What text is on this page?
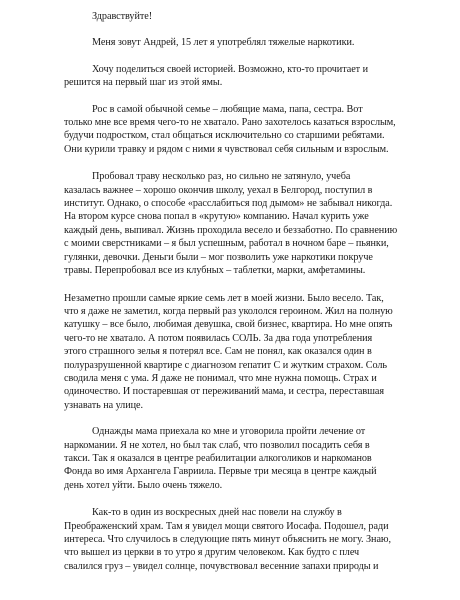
Здравствуйте!
Меня зовут Андрей, 15 лет я употреблял тяжелые наркотики.
Хочу поделиться своей историей. Возможно, кто-то прочитает и
решится на первый шаг из этой ямы.
Рос в самой обычной семье – любящие мама, папа, сестра. Вот
только мне все время чего-то не хватало. Рано захотелось казаться взрослым,
будучи подростком, стал общаться исключительно со старшими ребятами.
Они курили травку и рядом с ними я чувствовал себя сильным и взрослым.
Пробовал траву несколько раз, но сильно не затянуло, учеба
казалась важнее – хорошо окончив школу, уехал в Белгород, поступил в
институт. Однако, о способе «расслабиться под дымом» не забывал никогда.
На втором курсе снова попал в «крутую» компанию. Начал курить уже
каждый день, выпивал. Жизнь проходила весело и беззаботно. По сравнению
с моими сверстниками – я был успешным, работал в ночном баре – пьянки,
гулянки, девочки. Деньги были – мог позволить уже наркотики покруче
травы. Перепробовал все из клубных – таблетки, марки, амфетамины.
Незаметно прошли самые яркие семь лет в моей жизни. Было весело. Так,
что я даже не заметил, когда первый раз укололся героином. Жил на полную
катушку – все было, любимая девушка, свой бизнес, квартира. Но мне опять
чего-то не хватало. А потом появилась СОЛЬ. За два года употребления
этого страшного зелья я потерял все. Сам не понял, как оказался один в
полуразрушенной квартире с диагнозом гепатит С и жутким страхом. Соль
сводила меня с ума. Я даже не понимал, что мне нужна помощь. Страх и
одиночество. И постаревшая от переживаний мама, и сестра, переставшая
узнавать на улице.
Однажды мама приехала ко мне и уговорила пройти лечение от
наркомании. Я не хотел, но был так слаб, что позволил посадить себя в
такси. Так я оказался в центре реабилитации алкоголиков и наркоманов
Фонда во имя Архангела Гавриила. Первые три месяца в центре каждый
день хотел уйти. Было очень тяжело.
Как-то в один из воскресных дней нас повели на службу в
Преображенский храм. Там я увидел мощи святого Иосафа. Подошел, ради
интереса. Что случилось в следующие пять минут объяснить не могу. Знаю,
что вышел из церкви в то утро я другим человеком. Как будто с плеч
свалился груз – увидел солнце, почувствовал весенние запахи природы и
